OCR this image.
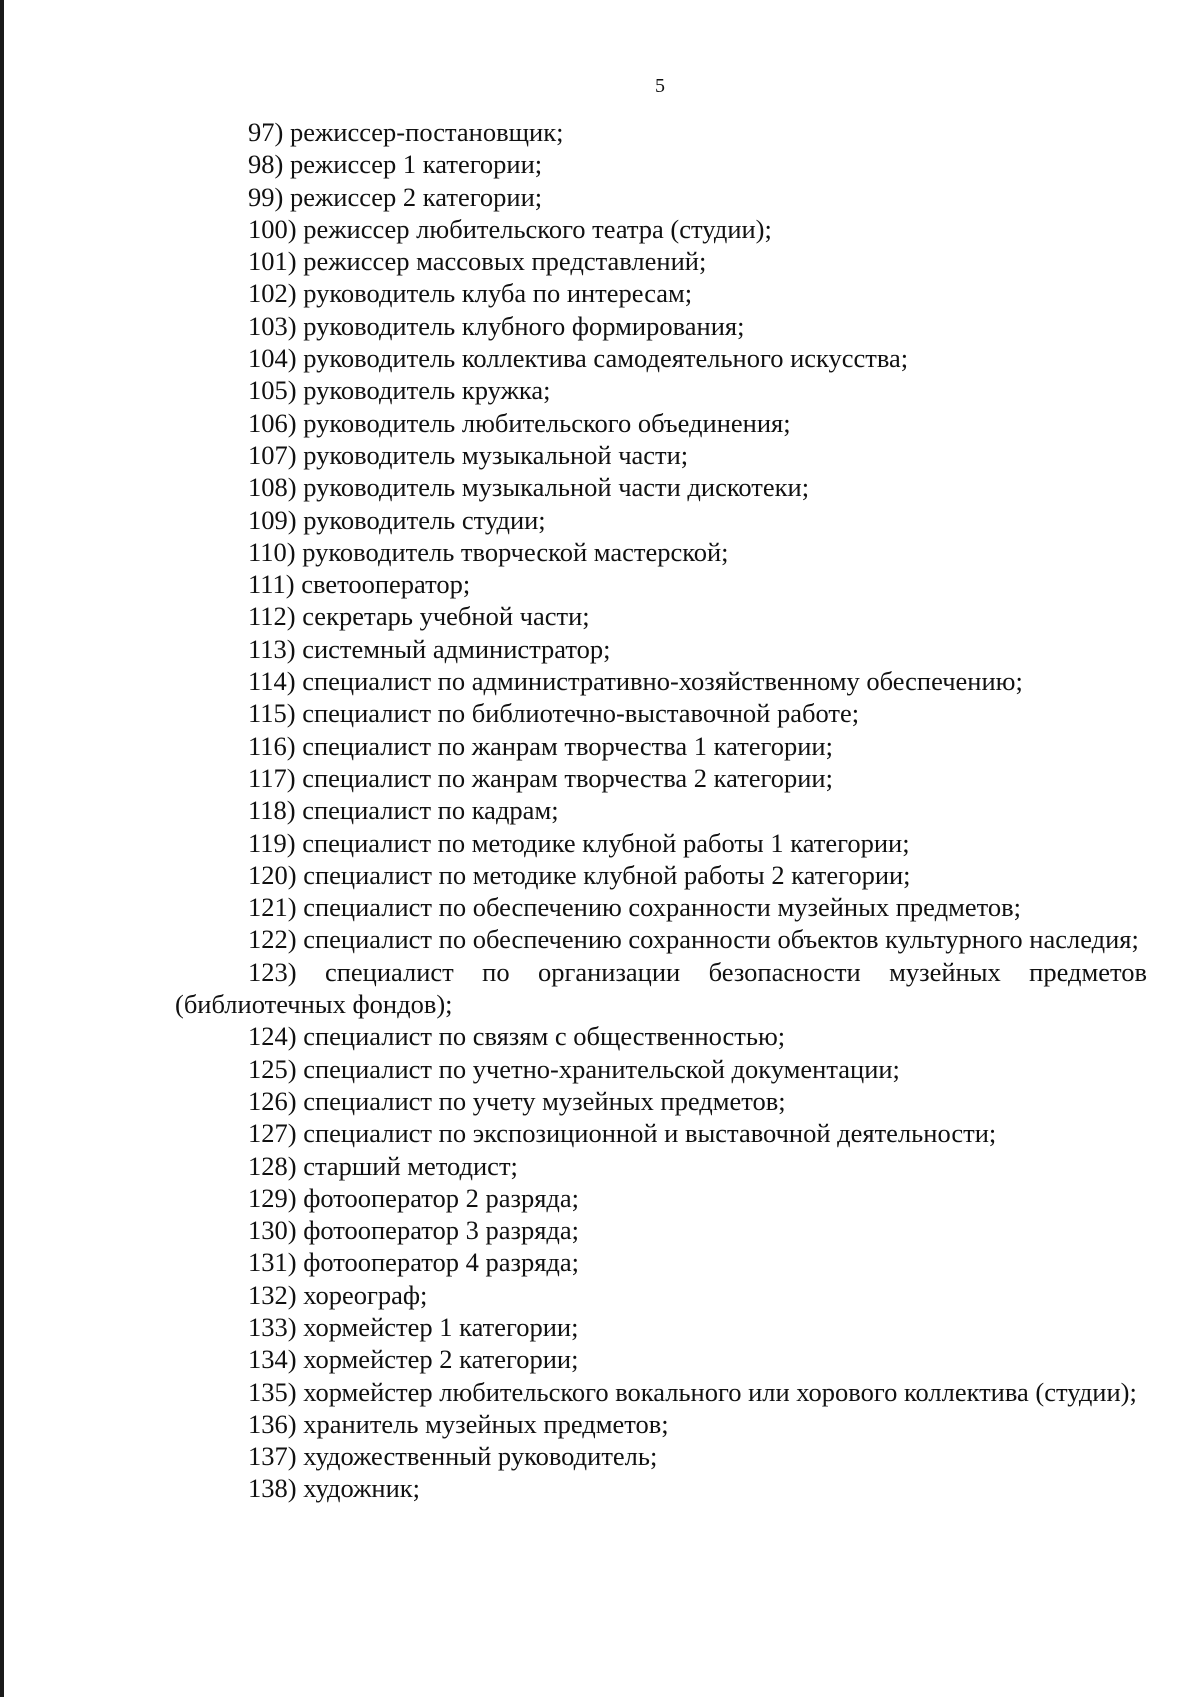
5
97) режиссер-постановщик;
98) режиссер 1 категории;
99) режиссер 2 категории;
100) режиссер любительского театра (студии);
101) режиссер массовых представлений;
102) руководитель клуба по интересам;
103) руководитель клубного формирования;
104) руководитель коллектива самодеятельного искусства;
105) руководитель кружка;
106) руководитель любительского объединения;
107) руководитель музыкальной части;
108) руководитель музыкальной части дискотеки;
109) руководитель студии;
110) руководитель творческой мастерской;
111) светооператор;
112) секретарь учебной части;
113) системный администратор;
114) специалист по административно-хозяйственному обеспечению;
115) специалист по библиотечно-выставочной работе;
116) специалист по жанрам творчества 1 категории;
117) специалист по жанрам творчества 2 категории;
118) специалист по кадрам;
119) специалист по методике клубной работы 1 категории;
120) специалист по методике клубной работы 2 категории;
121) специалист по обеспечению сохранности музейных предметов;
122) специалист по обеспечению сохранности объектов культурного наследия;
123) специалист по организации безопасности музейных предметов (библиотечных фондов);
124) специалист по связям с общественностью;
125) специалист по учетно-хранительской документации;
126) специалист по учету музейных предметов;
127) специалист по экспозиционной и выставочной деятельности;
128) старший методист;
129) фотооператор 2 разряда;
130) фотооператор 3 разряда;
131) фотооператор 4 разряда;
132) хореограф;
133) хормейстер 1 категории;
134) хормейстер 2 категории;
135) хормейстер любительского вокального или хорового коллектива (студии);
136) хранитель музейных предметов;
137) художественный руководитель;
138) художник;
